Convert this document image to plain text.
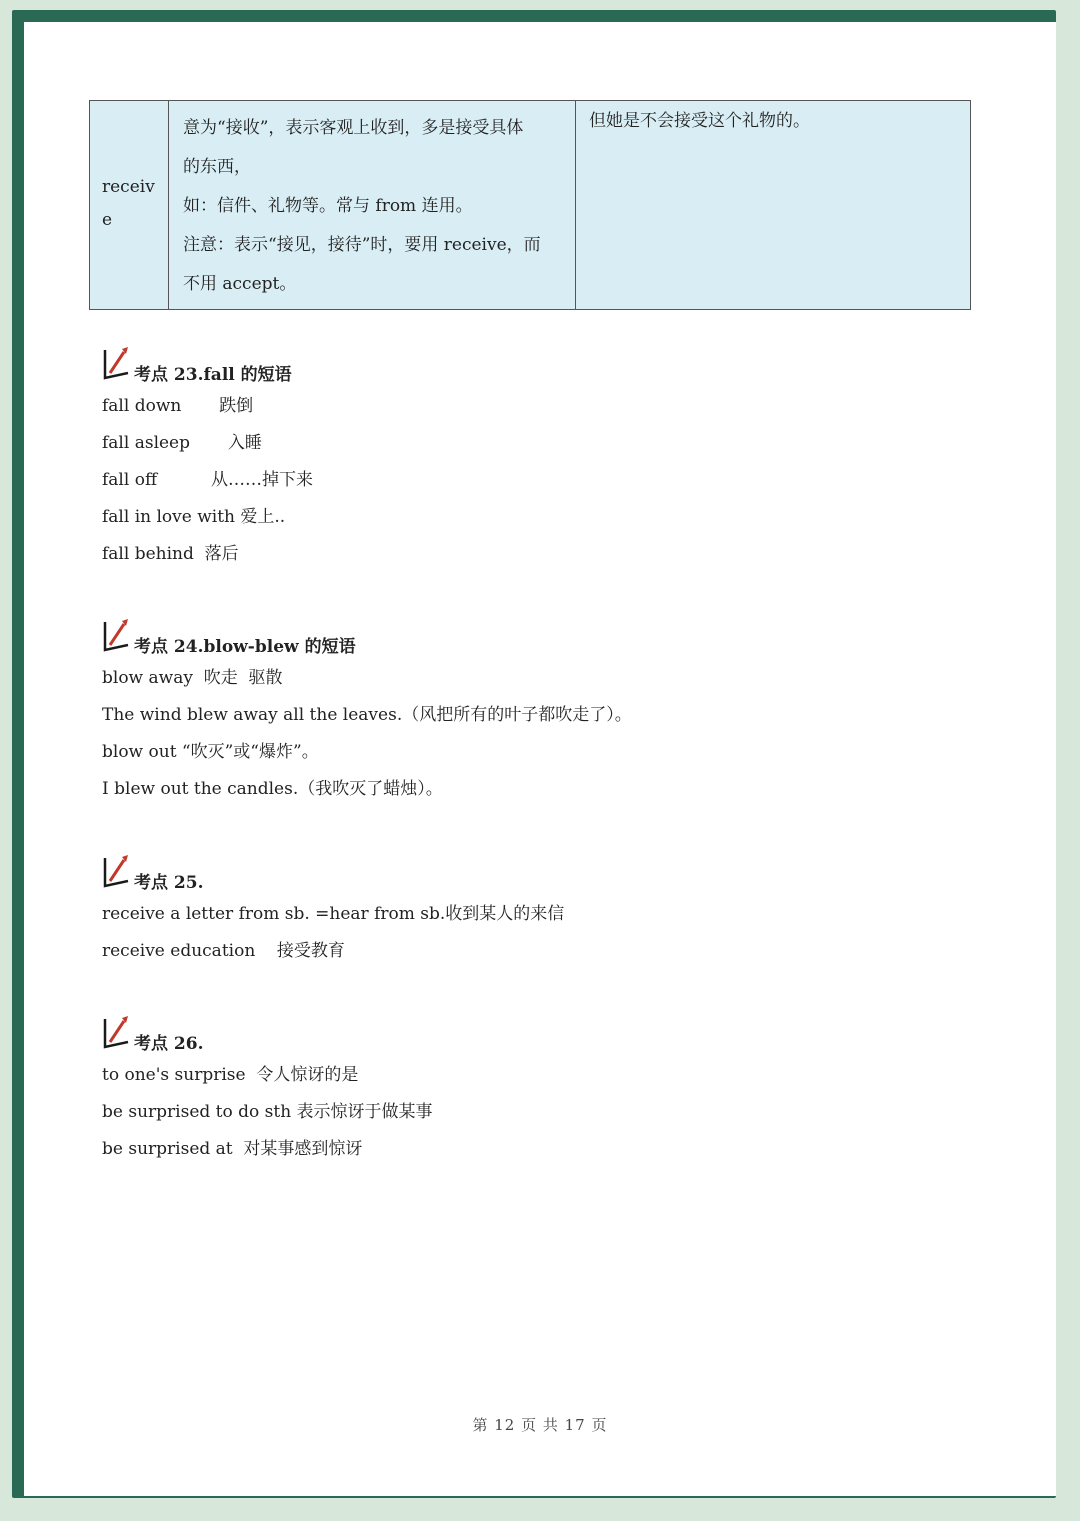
receiv
e
意为“接收”，表示客观上收到，多是接受具体
的东西，
如：信件、礼物等。常与 from 连用。
注意：表示“接见，接待”时，要用 receive，而
不用 accept。
但她是不会接受这个礼物的。
考点 23.fall 的短语
fall down       跌倒
fall asleep       入睡
fall off          从……掉下来
fall in love with 爱上..
fall behind  落后
考点 24.blow-blew 的短语
blow away  吹走  驱散
The wind blew away all the leaves.（风把所有的叶子都吹走了）。
blow out “吹灭”或“爆炸”。
I blew out the candles.（我吹灭了蜡烛）。
考点 25.
receive a letter from sb. =hear from sb.收到某人的来信
receive education    接受教育
考点 26.
to one's surprise  令人惊讶的是
be surprised to do sth 表示惊讶于做某事
be surprised at  对某事感到惊讶
第 12 页 共 17 页
